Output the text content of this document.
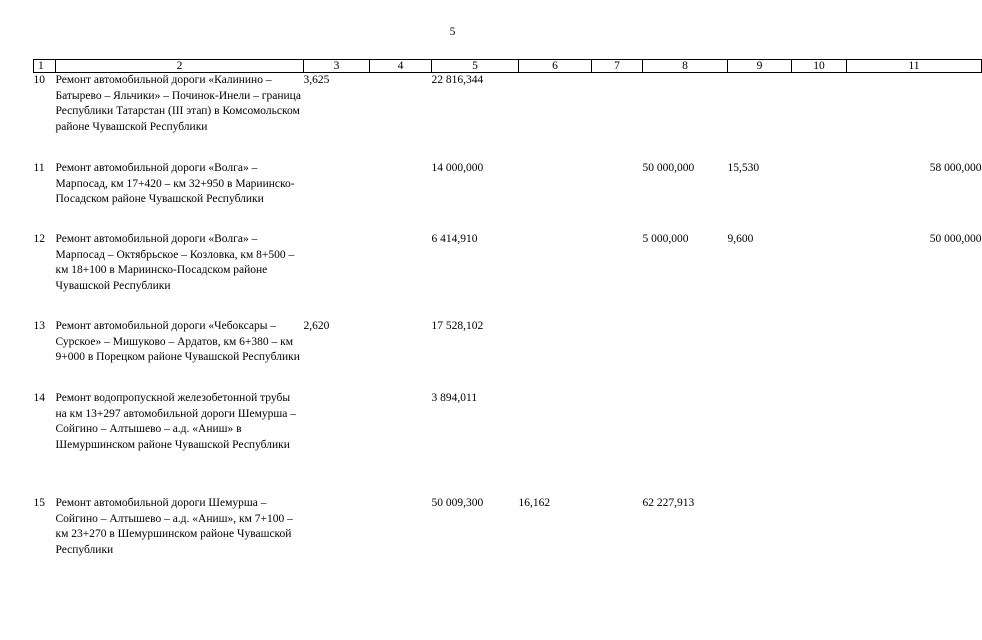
5
1	2	3	4	5	6	7	8	9	10	11
10	Ремонт автомобильной дороги «Калинино – Батырево – Яльчики» – Починок-Инели – граница Республики Татарстан (III этап) в Комсомольском районе Чувашской Республики	3,625		22 816,344						
11	Ремонт автомобильной дороги «Волга» – Марпосад, км 17+420 – км 32+950 в Мариинско-Посадском районе Чувашской Республики			14 000,000			50 000,000	15,530		58 000,000
12	Ремонт автомобильной дороги «Волга» – Марпосад – Октябрьское – Козловка, км 8+500 – км 18+100 в Мариинско-Посадском районе Чувашской Республики			6 414,910			5 000,000	9,600		50 000,000
13	Ремонт автомобильной дороги «Чебоксары – Сурское» – Мишуково – Ардатов, км 6+380 – км 9+000 в Порецком районе Чувашской Республики	2,620		17 528,102						
14	Ремонт водопропускной железобетонной трубы на км 13+297 автомобильной дороги Шемурша – Сойгино – Алтышево – а.д. «Аниш» в Шемуршинском районе Чувашской Республики			3 894,011						
15	Ремонт автомобильной дороги Шемурша – Сойгино – Алтышево – а.д. «Аниш», км 7+100 – км 23+270 в Шемуршинском районе Чувашской Республики			50 009,300	16,162		62 227,913			
